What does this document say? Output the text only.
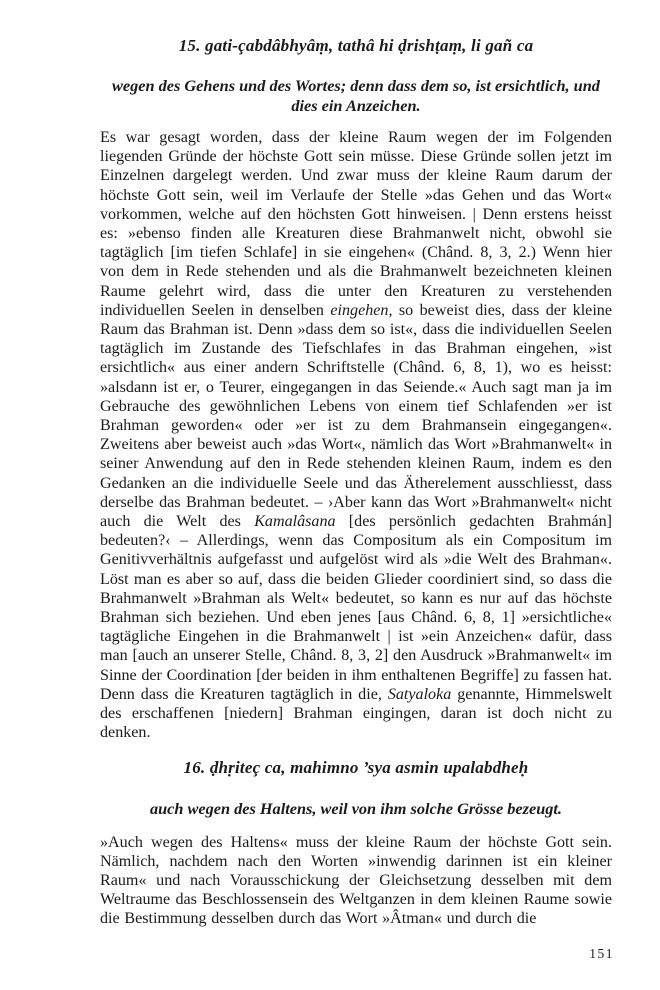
15. gati-çabdâbhyâṃ, tathâ hi ḍrishṭaṃ, li gañ ca

wegen des Gehens und des Wortes; denn dass dem so, ist ersichtlich, und dies ein Anzeichen.

Es war gesagt worden, dass der kleine Raum wegen der im Folgenden liegenden Gründe der höchste Gott sein müsse. Diese Gründe sollen jetzt im Einzelnen dargelegt werden. Und zwar muss der kleine Raum darum der höchste Gott sein, weil im Verlaufe der Stelle »das Gehen und das Wort« vorkommen, welche auf den höchsten Gott hinweisen. | Denn erstens heisst es: »ebenso finden alle Kreaturen diese Brahmanwelt nicht, obwohl sie tagtäglich [im tiefen Schlafe] in sie eingehen« (Chând. 8, 3, 2.) Wenn hier von dem in Rede stehenden und als die Brahmanwelt bezeichneten kleinen Raume gelehrt wird, dass die unter den Kreaturen zu verstehenden individuellen Seelen in denselben eingehen, so beweist dies, dass der kleine Raum das Brahman ist. Denn »dass dem so ist«, dass die individuellen Seelen tagtäglich im Zustande des Tiefschlafes in das Brahman eingehen, »ist ersichtlich« aus einer andern Schriftstelle (Chând. 6, 8, 1), wo es heisst: »alsdann ist er, o Teurer, eingegangen in das Seiende.« Auch sagt man ja im Gebrauche des gewöhnlichen Lebens von einem tief Schlafenden »er ist Brahman geworden« oder »er ist zu dem Brahmansein eingegangen«. Zweitens aber beweist auch »das Wort«, nämlich das Wort »Brahmanwelt« in seiner Anwendung auf den in Rede stehenden kleinen Raum, indem es den Gedanken an die individuelle Seele und das Ätherelement ausschliesst, dass derselbe das Brahman bedeutet. – ›Aber kann das Wort »Brahmanwelt« nicht auch die Welt des Kamalâsana [des persönlich gedachten Brahmán] bedeuten?‹ – Allerdings, wenn das Compositum als ein Compositum im Genitivverhältnis aufgefasst und aufgelöst wird als »die Welt des Brahman«. Löst man es aber so auf, dass die beiden Glieder coordiniert sind, so dass die Brahmanwelt »Brahman als Welt« bedeutet, so kann es nur auf das höchste Brahman sich beziehen. Und eben jenes [aus Chând. 6, 8, 1] »ersichtliche« tagtägliche Eingehen in die Brahmanwelt | ist »ein Anzeichen« dafür, dass man [auch an unserer Stelle, Chând. 8, 3, 2] den Ausdruck »Brahmanwelt« im Sinne der Coordination [der beiden in ihm enthaltenen Begriffe] zu fassen hat. Denn dass die Kreaturen tagtäglich in die, Satyaloka genannte, Himmelswelt des erschaffenen [niedern] Brahman eingingen, daran ist doch nicht zu denken.

16. ḍhṛiteç ca, mahimno ’sya asmin upalabdheḥ

auch wegen des Haltens, weil von ihm solche Grösse bezeugt.

»Auch wegen des Haltens« muss der kleine Raum der höchste Gott sein. Nämlich, nachdem nach den Worten »inwendig darinnen ist ein kleiner Raum« und nach Vorausschickung der Gleichsetzung desselben mit dem Weltraume das Beschlossensein des Weltganzen in dem kleinen Raume sowie die Bestimmung desselben durch das Wort »Âtman« und durch die

151
